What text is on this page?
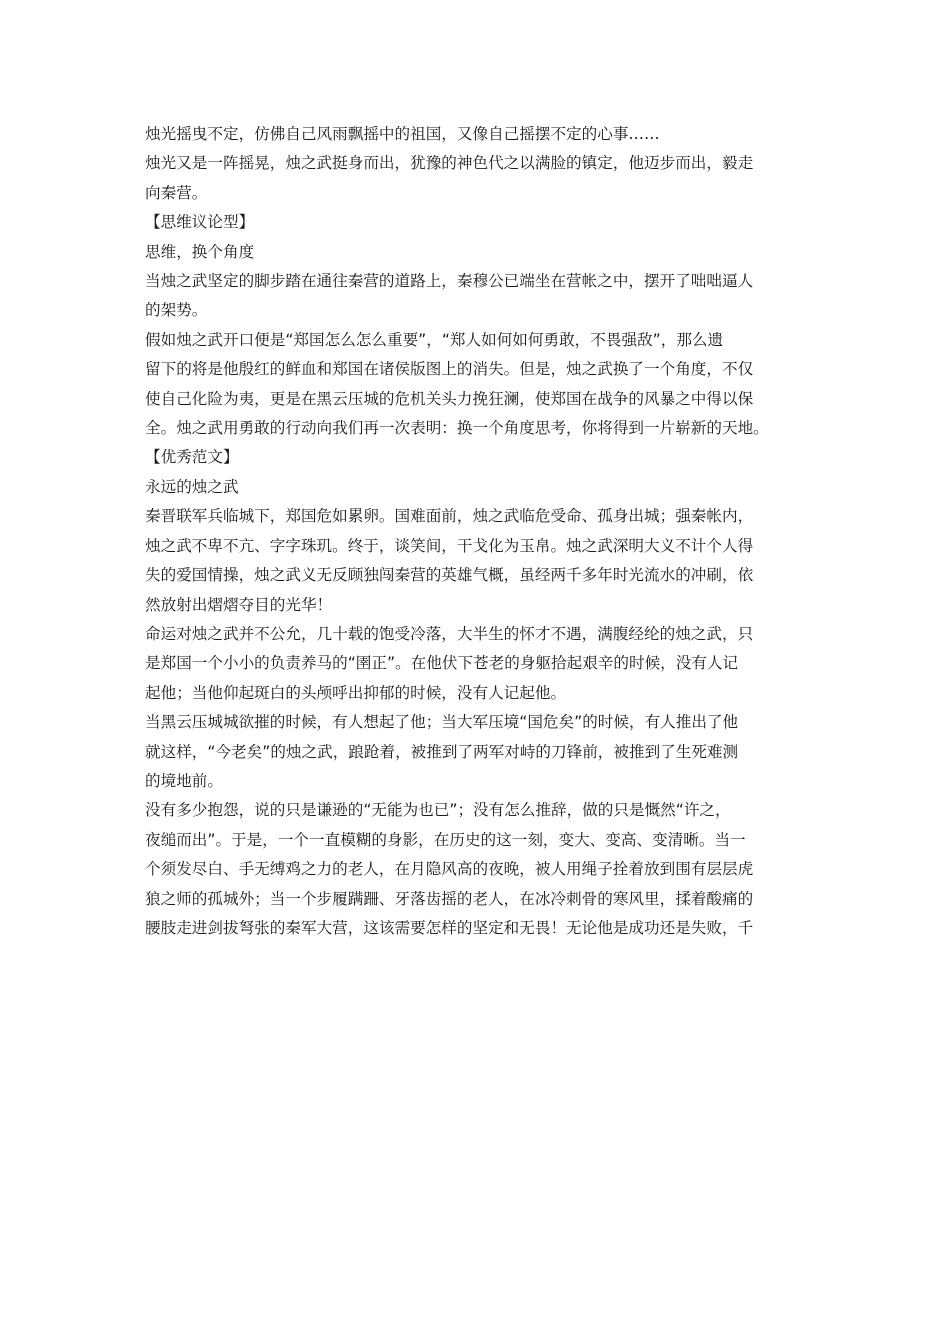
烛光摇曳不定，仿佛自己风雨飘摇中的祖国，又像自己摇摆不定的心事……
烛光又是一阵摇晃，烛之武挺身而出，犹豫的神色代之以满脸的镇定，他迈步而出，毅走
向秦营。
【思维议论型】
思维，换个角度
当烛之武坚定的脚步踏在通往秦营的道路上，秦穆公已端坐在营帐之中，摆开了咄咄逼人
的架势。
假如烛之武开口便是“郑国怎么怎么重要”，“郑人如何如何勇敢，不畏强敌”，那么遗
留下的将是他殷红的鲜血和郑国在诸侯版图上的消失。但是，烛之武换了一个角度，不仅
使自己化险为夷，更是在黑云压城的危机关头力挽狂澜，使郑国在战争的风暴之中得以保
全。烛之武用勇敢的行动向我们再一次表明：换一个角度思考，你将得到一片崭新的天地。
【优秀范文】
永远的烛之武
秦晋联军兵临城下，郑国危如累卵。国难面前，烛之武临危受命、孤身出城；强秦帐内，
烛之武不卑不亢、字字珠玑。终于，谈笑间，干戈化为玉帛。烛之武深明大义不计个人得
失的爱国情操，烛之武义无反顾独闯秦营的英雄气概，虽经两千多年时光流水的冲刷，依
然放射出熠熠夺目的光华！
命运对烛之武并不公允，几十载的饱受冷落，大半生的怀才不遇，满腹经纶的烛之武，只
是郑国一个小小的负责养马的“圉正”。在他伏下苍老的身躯拾起艰辛的时候，没有人记
起他；当他仰起斑白的头颅呼出抑郁的时候，没有人记起他。
当黑云压城城欲摧的时候，有人想起了他；当大军压境“国危矣”的时候，有人推出了他
就这样，“今老矣”的烛之武，踉跄着，被推到了两军对峙的刀锋前，被推到了生死难测
的境地前。
没有多少抱怨，说的只是谦逊的“无能为也已”；没有怎么推辞，做的只是慨然“许之，
夜缒而出”。于是，一个一直模糊的身影，在历史的这一刻，变大、变高、变清晰。当一
个须发尽白、手无缚鸡之力的老人，在月隐风高的夜晚，被人用绳子拴着放到围有层层虎
狼之师的孤城外；当一个步履蹒跚、牙落齿摇的老人，在冰冷刺骨的寒风里，揉着酸痛的
腰肢走进剑拔弩张的秦军大营，这该需要怎样的坚定和无畏！无论他是成功还是失败，千
